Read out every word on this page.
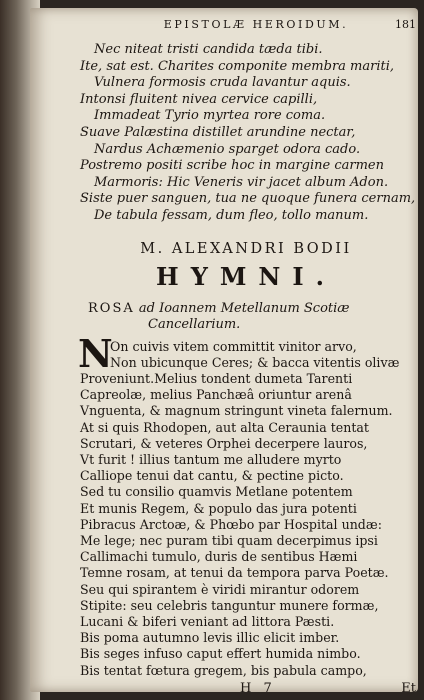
EPISTOLÆ HEROIDUM.	181
Nec niteat tristi candida tæda tibi.
Ite, sat est. Charites componite membra mariti,
Vulnera formosis cruda lavantur aquis.
Intonsi fluitent nivea cervice capilli,
Immadeat Tyrio myrtea rore coma.
Suave Palæstina distillet arundine nectar,
Nardus Achæmenio sparget odora cado.
Postremo positi scribe hoc in margine carmen
Marmoris: Hic Veneris vir jacet album Adon.
Siste puer sanguen, tua ne quoque funera cernam,
De tabula fessam, dum fleo, tollo manum.
M. ALEXANDRI BODII
HYMNI.
ROSA ad Ioannem Metellanum Scotiæ
Cancellarium.
N
On cuivis vitem committit vinitor arvo,
Non ubicunque Ceres; & bacca vitentis olivæ
Proveniunt.Melius tondent dumeta Tarenti
Capreolæ, melius Panchæâ oriuntur arenâ
Vnguenta, & magnum stringunt vineta falernum.
At si quis Rhodopen, aut alta Ceraunia tentat
Scrutari, & veteres Orphei decerpere lauros,
Vt furit ! illius tantum me alludere myrto
Calliope tenui dat cantu, & pectine picto.
Sed tu consilio quamvis Metlane potentem
Et munis Regem, & populo das jura potenti
Pibracus Arctoæ, & Phœbo par Hospital undæ:
Me lege; nec puram tibi quam decerpimus ipsi
Callimachi tumulo, duris de sentibus Hæmi
Temne rosam, at tenui da tempora parva Poetæ.
Seu qui spirantem è viridi mirantur odorem
Stipite: seu celebris tanguntur munere formæ,
Lucani & biferi veniant ad littora Pæsti.
Bis poma autumno levis illic elicit imber.
Bis seges infuso caput effert humida nimbo.
Bis tentat fœtura gregem, bis pabula campo,
H 7	Et
